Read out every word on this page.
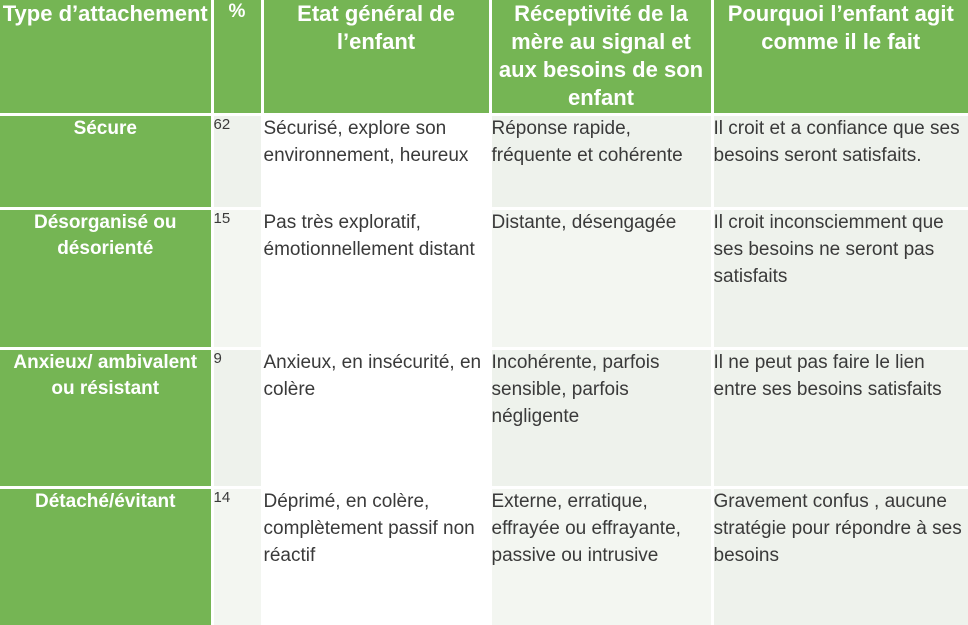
Type d’attachement	%	Etat général de l’enfant	Réceptivité de la mère au signal et aux besoins de son enfant	Pourquoi l’enfant agit comme il le fait
Sécure	62	Sécurisé, explore son environnement, heureux	Réponse rapide, fréquente et cohérente	Il croit et a confiance que ses besoins seront satisfaits.
Désorganisé ou désorienté	15	Pas très exploratif, émotionnellement distant	Distante, désengagée	Il croit inconsciemment que ses besoins ne seront pas satisfaits
Anxieux/ ambivalent ou résistant	9	Anxieux, en insécurité, en colère	Incohérente, parfois sensible, parfois négligente	Il ne peut pas faire le lien entre ses besoins satisfaits
Détaché/évitant	14	Déprimé, en colère, complètement passif non réactif	Externe, erratique, effrayée ou effrayante, passive ou intrusive	Gravement confus , aucune stratégie pour répondre à ses besoins
